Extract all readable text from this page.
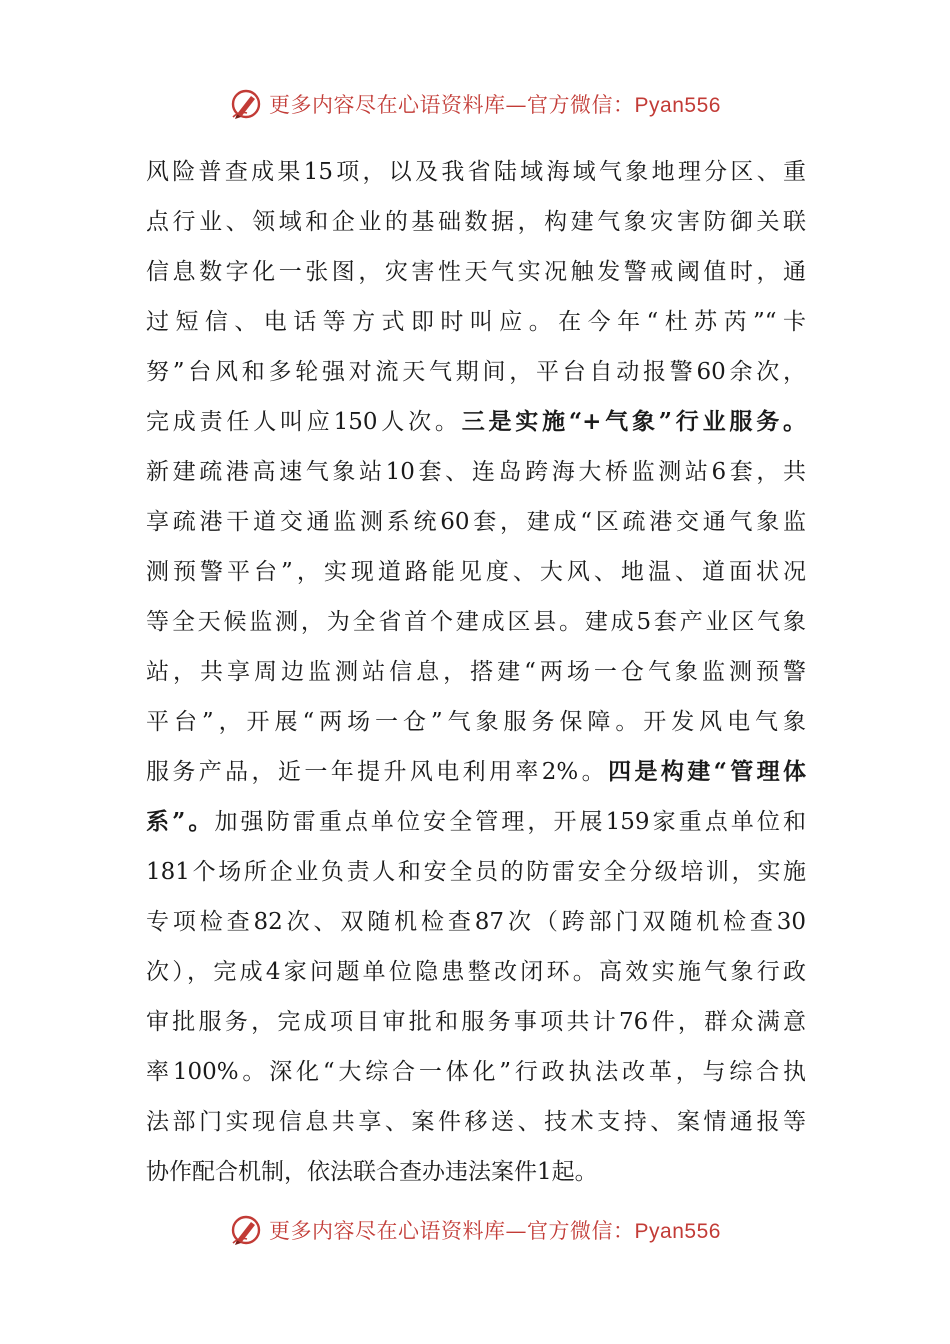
更多内容尽在心语资料库—官方微信：Pyan556
风险普查成果15项，以及我省陆域海域气象地理分区、重
点行业、领域和企业的基础数据，构建气象灾害防御关联
信息数字化一张图，灾害性天气实况触发警戒阈值时，通
过短信、电话等方式即时叫应。在今年“杜苏芮”“卡
努”台风和多轮强对流天气期间，平台自动报警60余次，
完成责任人叫应150人次。三是实施“+气象”行业服务。
新建疏港高速气象站10套、连岛跨海大桥监测站6套，共
享疏港干道交通监测系统60套，建成“区疏港交通气象监
测预警平台”，实现道路能见度、大风、地温、道面状况
等全天候监测，为全省首个建成区县。建成5套产业区气象
站，共享周边监测站信息，搭建“两场一仓气象监测预警
平台”，开展“两场一仓”气象服务保障。开发风电气象
服务产品，近一年提升风电利用率2%。四是构建“管理体
系”。加强防雷重点单位安全管理，开展159家重点单位和
181个场所企业负责人和安全员的防雷安全分级培训，实施
专项检查82次、双随机检查87次（跨部门双随机检查30
次），完成4家问题单位隐患整改闭环。高效实施气象行政
审批服务，完成项目审批和服务事项共计76件，群众满意
率100%。深化“大综合一体化”行政执法改革，与综合执
法部门实现信息共享、案件移送、技术支持、案情通报等
协作配合机制，依法联合查办违法案件1起。
更多内容尽在心语资料库—官方微信：Pyan556
